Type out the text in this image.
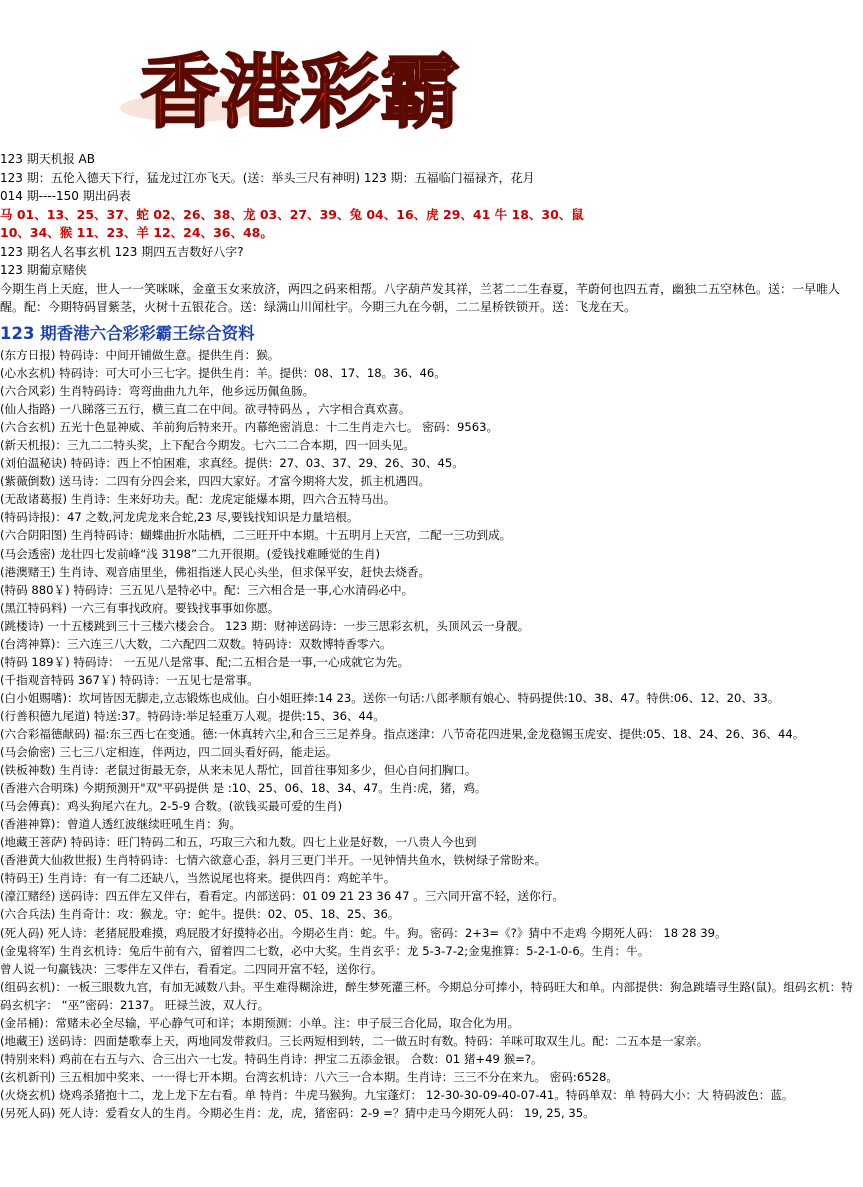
香港彩霸
123 期天机报 AB
123 期：五伦入德天下行，猛龙过江亦飞天。(送：举头三尺有神明) 123 期：五福临门福禄齐，花月
014 期----150 期出码表
马 01、13、25、37、蛇 02、26、38、龙 03、27、39、兔 04、16、虎 29、41 牛 18、30、鼠
10、34、猴 11、23、羊 12、24、36、48。
123 期名人名事玄机 123 期四五吉数好八字?
123 期葡京赌侠
今期生肖上天庭，世人一一笑咪咪，金童玉女来放济，两四之码来相帮。八字葫芦发其祥，兰茗二二生春夏，芊蔚何也四五青，幽独二五空林色。送：一早唯人醒。配：今期特码冒紫茎，火树十五银花合。送：绿满山川闻杜宇。今期三九在今朝，二二星桥铁锁开。送：飞龙在天。
123 期香港六合彩彩霸王综合资料
(东方日报) 特码诗：中间开铺做生意。提供生肖：猴。
(心水玄机) 特码诗：可大可小三七字。提供生肖：羊。提供：08、17、18。36、46。
(六合风彩) 生肖特码诗：弯弯曲曲九九年，他乡远历佩鱼肠。
(仙人指路) 一八睇落三五行，横三直二在中间。欲寻特码丛 ，六字相合真欢喜。
(六合玄机) 五光十色显神威、羊前狗后特来开。内幕绝密消息：十二生肖走六七。 密码：9563。
(新天机报)：三九二二特头奖，上下配合今期发。七六二二合本期，四一回头见。
(刘伯温秘诀) 特码诗：西上不怕困难，求真经。提供：27、03、37、29、26、30、45。
(紫薇倒数) 送马诗：二四有分四会来，四四大家好。才富今期将大发，抓主机遇四。
(无敌诸葛报) 生肖诗：生来好功夫。配：龙虎定能爆本期，四六合五特马出。
(特码诗报)：47 之数,河龙虎龙来合蛇,23 尽,要钱找知识是力量培根。
(六合阴阳图) 生肖特码诗：蝴蝶曲折水陆栖，二三旺开中本期。十五明月上天宫，二配一三功到成。
(马会透密) 龙壮四七发前峰“浅 3198”二九开很期。(爱钱找难睡觉的生肖)
(港澳赌王) 生肖诗、观音庙里坐，佛祖指迷人民心头坐，但求保平安，赶快去烧香。
(特码 880￥) 特码诗：三五见八是特必中。配：三六相合是一事,心水清码必中。
(黑江特码料) 一六三有事找政府。要钱找事事如你愿。
(跳楼诗) 一十五楼跳到三十三楼六楼会合。 123 期：财神送码诗：一步三思彩玄机，头顶风云一身靓。
(台湾神算)：三六连三八大数，二六配四二双数。特码诗：双数博特香零六。
(特码 189￥) 特码诗： 一五见八是常事、配;二五相合是一事,一心成就它为先。
(千指观音特码 367￥) 特码诗：一五见七是常事。
(白小姐赐嗜)：坎坷皆因无脚走,立志锻炼也成仙。白小姐旺捧:14 23。送你一句话:八郎孝顺有娘心、特码提供:10、38、47。特供:06、12、20、33。
(行善积德九尾道) 特送:37。特码诗:举足轻重万人观。提供:15、36、44。
(六合彩福德献码) 福:东三西七在变通。德:一休真转六尘,和合三三足养身。指点迷津：八节奇花四进果,金龙稳锡玉虎安、提供:05、18、24、26、36、44。
(马会偷密) 三七三八定相连，伴两边，四二回头看好码，能走运。
(铁板神数) 生肖诗：老鼠过街最无奈，从来未见人帮忙，回首往事知多少，但心自问扪胸口。
(香港六合明珠) 今期预测开"双"平码提供 是 :10、25、06、18、34、47。生肖:虎，猪，鸡。
(马会傅真)：鸡头狗尾六在九。2-5-9 合数。(欲钱买最可爱的生肖)
(香港神算)：曾道人透红波继续旺吼生肖：狗。
(地藏王菩萨) 特码诗：旺门特码二和五，巧取三六和九数。四七上业是好数，一八贵人今也到
(香港黄大仙救世报) 生肖特码诗：七情六欲意心歪，斜月三更门半开。一见钟情共鱼水，铁树绿子常盼来。
(特码王) 生肖诗：有一有二还缺八，当然说尾也将来。提供四肖：鸡蛇羊牛。
(濠江赌经) 送码诗：四五伴左又伴右，看看定。内部送码：01 09 21 23 36 47 。三六同开富不轻，送你行。
(六合兵法) 生肖奇计：攻：猴龙。守：蛇牛。提供：02、05、18、25、36。
(死人码) 死人诗：老猪屁股难摸，鸡屁股才好摸特必出。今期必生肖：蛇。牛。狗。密码：2+3=《?》猜中不走鸡 今期死人码： 18 28 39。
(金鬼将军) 生肖玄机诗：兔后牛前有六，留着四二七数，必中大奖。生肖玄乎：龙 5-3-7-2;金鬼推算：5-2-1-0-6。生肖：牛。
曾人说一句赢钱决：三零伴左又伴右，看看定。二四同开富不轻，送你行。
(组码玄机)：一板三眼数九宫，有加无减数八卦。平生难得糊涂进，醉生梦死灌三杯。今期总分可捧小，特码旺大和单。内部提供：狗急跳墙寻生路(鼠)。组码玄机：特码玄机字： “巫”密码：2137。 旺禄兰波，双人行。
(金吊桶)：常赌未必全尽输，平心静气可和详；本期预测：小单。注：申子辰三合化局，取合化为用。
(地藏王) 送码诗：四面楚歌奉上天，两地同发带救归。三长两短相到转，二一做五时有数。特码：羊咪可取双生儿。配：二五本是一家亲。
(特别来料) 鸡前在右五与六、合三出六一七发。特码生肖诗：押宝二五添金银。 合数：01 猪+49 猴=?。
(玄机新刊) 三五相加中奖来、一一得七开本期。台湾玄机诗：八六三一合本期。生肖诗：三三不分在来九。 密码:6528。
(火烧玄机) 烧鸡杀猪抱十二，龙上龙下左右看。单 特肖：牛虎马猴狗。九宝蓬灯： 12-30-30-09-40-07-41。特码单双：单 特码大小：大 特码波色：蓝。
(另死人码) 死人诗：爱看女人的生肖。今期必生肖：龙，虎，猪密码：2-9 =？猜中走马今期死人码： 19, 25, 35。
